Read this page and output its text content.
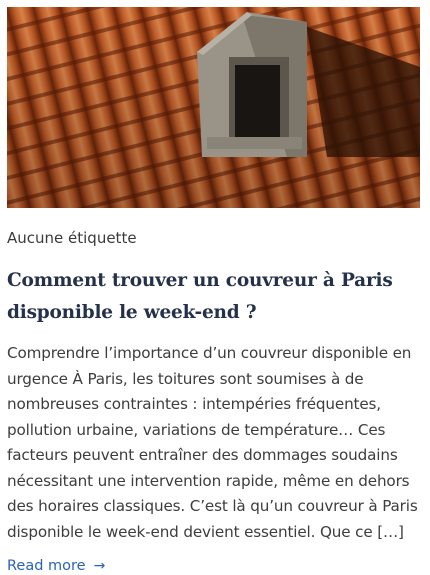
Aucune étiquette
Comment trouver un couvreur à Paris disponible le week-end ?
Comprendre l’importance d’un couvreur disponible en urgence À Paris, les toitures sont soumises à de nombreuses contraintes : intempéries fréquentes, pollution urbaine, variations de température… Ces facteurs peuvent entraîner des dommages soudains nécessitant une intervention rapide, même en dehors des horaires classiques. C’est là qu’un couvreur à Paris disponible le week-end devient essentiel. Que ce […]
Read more →
